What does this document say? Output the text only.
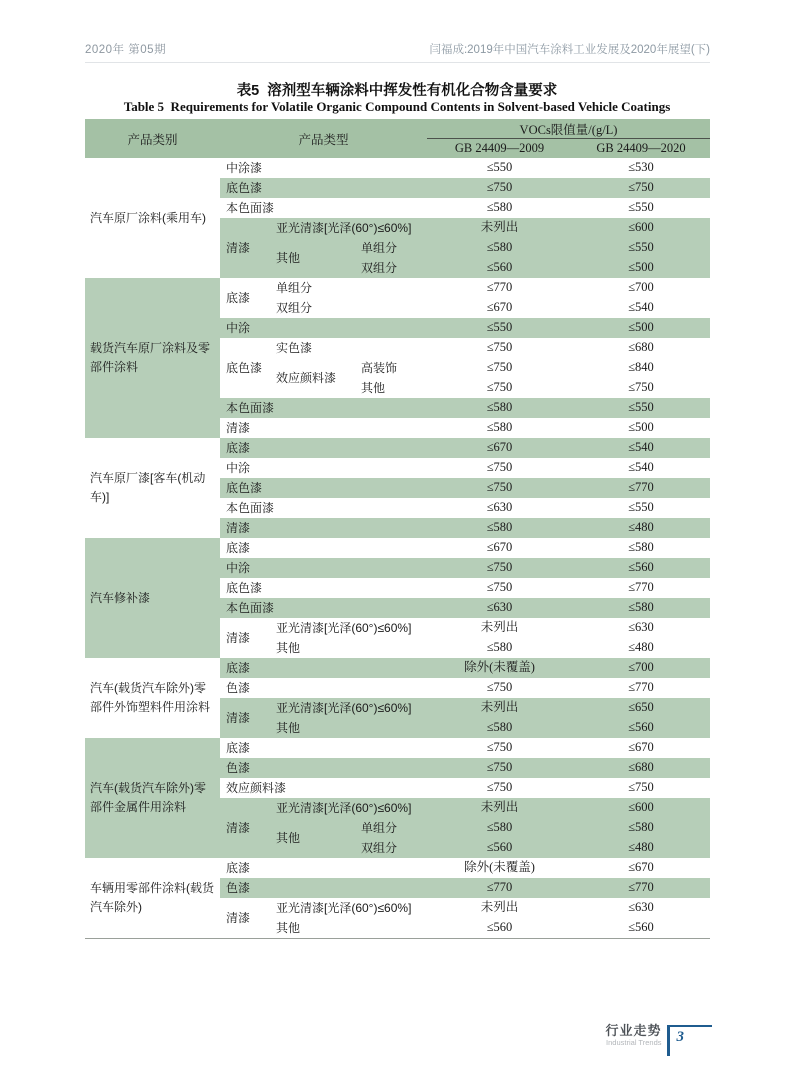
2020年 第05期	闫福成:2019年中国汽车涂料工业发展及2020年展望(下)
表5  溶剂型车辆涂料中挥发性有机化合物含量要求
Table 5  Requirements for Volatile Organic Compound Contents in Solvent-based Vehicle Coatings
产品类别	产品类型			VOCs限值量/(g/L)	
				GB 24409—2009	GB 24409—2020
汽车原厂涂料(乘用车)	中涂漆			≤550	≤530
	底色漆			≤750	≤750
	本色面漆			≤580	≤550
	清漆	亚光清漆[光泽(60°)≤60%]		未列出	≤600
		其他	单组分	≤580	≤550
			双组分	≤560	≤500
载货汽车原厂涂料及零部件涂料	底漆	单组分		≤770	≤700
		双组分		≤670	≤540
	中涂			≤550	≤500
	底色漆	实色漆		≤750	≤680
		效应颜料漆	高装饰	≤750	≤840
			其他	≤750	≤750
	本色面漆			≤580	≤550
	清漆			≤580	≤500
汽车原厂漆[客车(机动车)]	底漆			≤670	≤540
	中涂			≤750	≤540
	底色漆			≤750	≤770
	本色面漆			≤630	≤550
	清漆			≤580	≤480
汽车修补漆	底漆			≤670	≤580
	中涂			≤750	≤560
	底色漆			≤750	≤770
	本色面漆			≤630	≤580
	清漆	亚光清漆[光泽(60°)≤60%]		未列出	≤630
		其他		≤580	≤480
汽车(载货汽车除外)零部件外饰塑料件用涂料	底漆			除外(未覆盖)	≤700
	色漆			≤750	≤770
	清漆	亚光清漆[光泽(60°)≤60%]		未列出	≤650
		其他		≤580	≤560
汽车(载货汽车除外)零部件金属件用涂料	底漆			≤750	≤670
	色漆			≤750	≤680
	效应颜料漆			≤750	≤750
	清漆	亚光清漆[光泽(60°)≤60%]		未列出	≤600
		其他	单组分	≤580	≤580
			双组分	≤560	≤480
车辆用零部件涂料(载货汽车除外)	底漆			除外(未覆盖)	≤670
	色漆			≤770	≤770
	清漆	亚光清漆[光泽(60°)≤60%]		未列出	≤630
		其他		≤560	≤560
行业走势
Industrial Trends	3
